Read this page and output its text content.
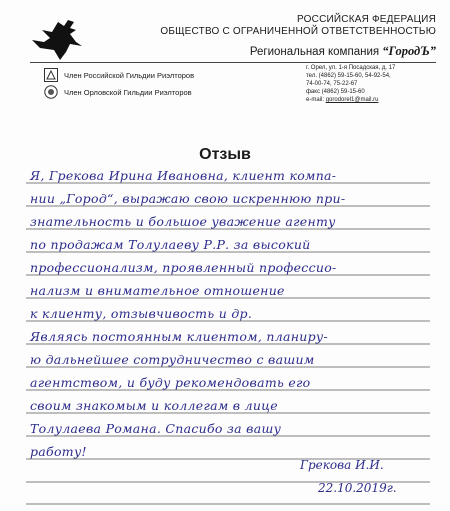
РОССИЙСКАЯ ФЕДЕРАЦИЯ
ОБЩЕСТВО С ОГРАНИЧЕННОЙ ОТВЕТСТВЕННОСТЬЮ
Региональная компания “ГородЪ”
Член Российской Гильдии Риэлторов
Член Орловской Гильдии Риэлторов
г. Орел, ул. 1-я Посадская, д. 17
тел. (4862) 59-15-60, 54-92-54,
74-00-74, 75-22-67
факс (4862) 59-15-60
e-mail: gorodorel1@mail.ru
Отзыв
Я, Грекова Ирина Ивановна, клиент компа-
нии „Город“, выражаю свою искреннюю при-
знательность и большое уважение агенту
по продажам Толулаеву Р.Р. за высокий
профессионализм, проявленный профессио-
нализм и внимательное отношение
к клиенту, отзывчивость и др.
Являясь постоянным клиентом, планиру-
ю дальнейшее сотрудничество с вашим
агентством, и буду рекомендовать его
своим знакомым и коллегам в лице
Толулаева Романа. Спасибо за вашу
работу!
Грекова И.И.
22.10.2019г.
